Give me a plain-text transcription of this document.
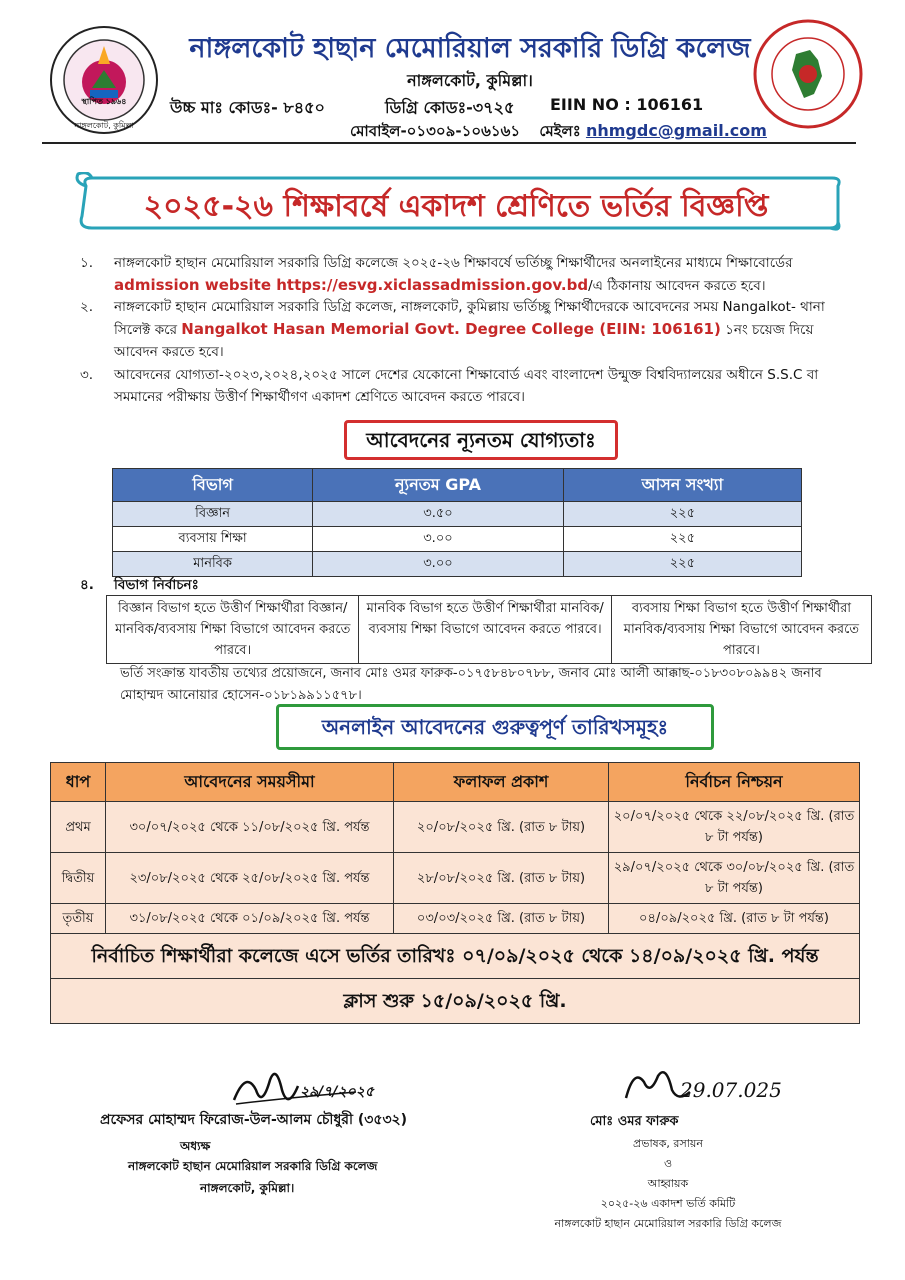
স্থাপিত ১৯৬৪
নাঙ্গলকোট, কুমিল্লা
নাঙ্গলকোট হাছান মেমোরিয়াল সরকারি ডিগ্রি কলেজ
নাঙ্গলকোট, কুমিল্লা।
উচ্চ মাঃ কোডঃ- ৮৪৫০	ডিগ্রি কোডঃ-৩৭২৫ EIIN NO : 106161
মোবাইল-০১৩০৯-১০৬১৬১ মেইলঃ nhmgdc@gmail.com
২০২৫-২৬ শিক্ষাবর্ষে একাদশ শ্রেণিতে ভর্তির বিজ্ঞপ্তি
১.	নাঙ্গলকোট হাছান মেমোরিয়াল সরকারি ডিগ্রি কলেজে ২০২৫-২৬ শিক্ষাবর্ষে ভর্তিচ্ছু শিক্ষার্থীদের অনলাইনের মাধ্যমে শিক্ষাবোর্ডের admission website https://esvg.xiclassadmission.gov.bd/এ ঠিকানায় আবেদন করতে হবে।
২.	নাঙ্গলকোট হাছান মেমোরিয়াল সরকারি ডিগ্রি কলেজ, নাঙ্গলকোট, কুমিল্লায় ভর্তিচ্ছু শিক্ষার্থীদেরকে আবেদনের সময় Nangalkot- থানা সিলেক্ট করে Nangalkot Hasan Memorial Govt. Degree College (EIIN: 106161) ১নং চয়েজ দিয়ে আবেদন করতে হবে।
৩.	আবেদনের যোগ্যতা-২০২৩,২০২৪,২০২৫ সালে দেশের যেকোনো শিক্ষাবোর্ড এবং বাংলাদেশ উন্মুক্ত বিশ্ববিদ্যালয়ের অধীনে S.S.C বা সমমানের পরীক্ষায় উত্তীর্ণ শিক্ষার্থীগণ একাদশ শ্রেণিতে আবেদন করতে পারবে।
আবেদনের ন্যূনতম যোগ্যতাঃ
বিভাগ	ন্যূনতম GPA	আসন সংখ্যা
বিজ্ঞান	৩.৫০	২২৫
ব্যবসায় শিক্ষা	৩.০০	২২৫
মানবিক	৩.০০	২২৫
৪.	বিভাগ নির্বাচনঃ
বিজ্ঞান বিভাগ হতে উত্তীর্ণ শিক্ষার্থীরা বিজ্ঞান/মানবিক/ব্যবসায় শিক্ষা বিভাগে আবেদন করতে পারবে।	মানবিক বিভাগ হতে উত্তীর্ণ শিক্ষার্থীরা মানবিক/ব্যবসায় শিক্ষা বিভাগে আবেদন করতে পারবে।	ব্যবসায় শিক্ষা বিভাগ হতে উত্তীর্ণ শিক্ষার্থীরা মানবিক/ব্যবসায় শিক্ষা বিভাগে আবেদন করতে পারবে।
ভর্তি সংক্রান্ত যাবতীয় তথ্যের প্রয়োজনে, জনাব মোঃ ওমর ফারুক-০১৭৫৮৪৮০৭৮৮, জনাব মোঃ আলী আক্কাছ-০১৮৩০৮০৯৯৪২ জনাব মোহাম্মদ আনোয়ার হোসেন-০১৮১৯৯১১৫৭৮।
অনলাইন আবেদনের গুরুত্বপূর্ণ তারিখসমূহঃ
ধাপ	আবেদনের সময়সীমা	ফলাফল প্রকাশ	নির্বাচন নিশ্চয়ন
প্রথম	৩০/০৭/২০২৫ থেকে ১১/০৮/২০২৫ খ্রি. পর্যন্ত	২০/০৮/২০২৫ খ্রি. (রাত ৮ টায়)	২০/০৭/২০২৫ থেকে ২২/০৮/২০২৫ খ্রি. (রাত ৮ টা পর্যন্ত)
দ্বিতীয়	২৩/০৮/২০২৫ থেকে ২৫/০৮/২০২৫ খ্রি. পর্যন্ত	২৮/০৮/২০২৫ খ্রি. (রাত ৮ টায়)	২৯/০৭/২০২৫ থেকে ৩০/০৮/২০২৫ খ্রি. (রাত ৮ টা পর্যন্ত)
তৃতীয়	৩১/০৮/২০২৫ থেকে ০১/০৯/২০২৫ খ্রি. পর্যন্ত	০৩/০৩/২০২৫ খ্রি. (রাত ৮ টায়)	০৪/০৯/২০২৫ খ্রি. (রাত ৮ টা পর্যন্ত)
নির্বাচিত শিক্ষার্থীরা কলেজে এসে ভর্তির তারিখঃ ০৭/০৯/২০২৫ থেকে ১৪/০৯/২০২৫ খ্রি. পর্যন্ত			
ক্লাস শুরু ১৫/০৯/২০২৫ খ্রি.			
২৯/৭/২০২৫
প্রফেসর মোহাম্মদ ফিরোজ-উল-আলম চৌধুরী (৩৫৩২)
অধ্যক্ষ
নাঙ্গলকোট হাছান মেমোরিয়াল সরকারি ডিগ্রি কলেজ
নাঙ্গলকোট, কুমিল্লা।
29.07.025
মোঃ ওমর ফারুক
প্রভাষক, রসায়ন
ও
আহ্বায়ক
২০২৫-২৬ একাদশ ভর্তি কমিটি
নাঙ্গলকোট হাছান মেমোরিয়াল সরকারি ডিগ্রি কলেজ
